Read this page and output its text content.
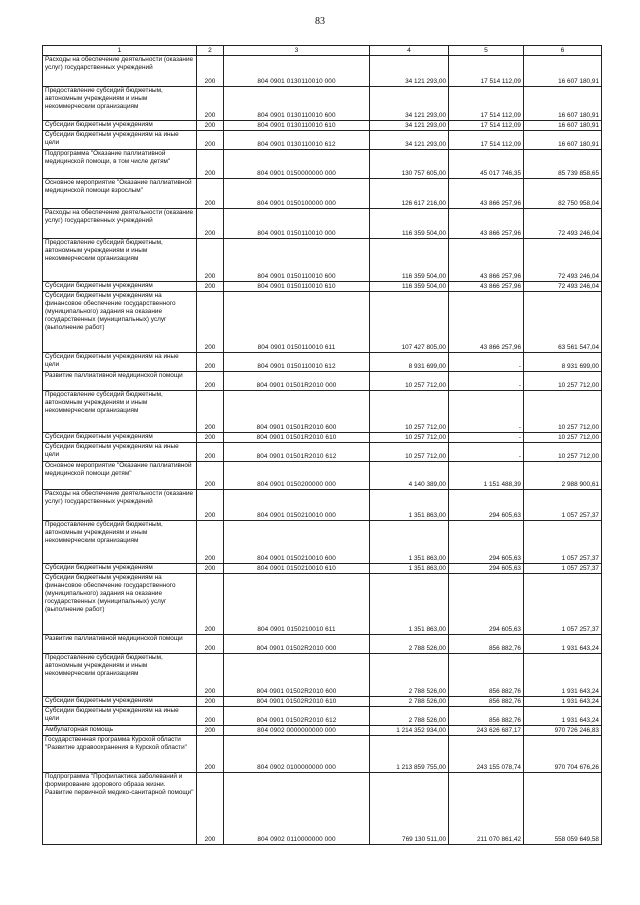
83
1	2	3	4	5	6
Расходы на обеспечение деятельности (оказание услуг) государственных учреждений	200	804 0901 0130110010 000	34 121 293,00	17 514 112,09	16 607 180,91
Предоставление субсидий бюджетным, автономным учреждениям и иным некоммерческим организациям	200	804 0901 0130110010 600	34 121 293,00	17 514 112,09	16 607 180,91
Субсидии бюджетным учреждениям	200	804 0901 0130110010 610	34 121 293,00	17 514 112,09	16 607 180,91
Субсидии бюджетным учреждениям на иные цели	200	804 0901 0130110010 612	34 121 293,00	17 514 112,09	16 607 180,91
Подпрограмма "Оказание паллиативной медицинской помощи, в том числе детям"	200	804 0901 0150000000 000	130 757 605,00	45 017 746,35	85 739 858,65
Основное мероприятие "Оказание паллиативной медицинской помощи взрослым"	200	804 0901 0150100000 000	126 617 216,00	43 866 257,96	82 750 958,04
Расходы на обеспечение деятельности (оказание услуг) государственных учреждений	200	804 0901 0150110010 000	116 359 504,00	43 866 257,96	72 493 246,04
Предоставление субсидий бюджетным, автономным учреждениям и иным некоммерческим организациям	200	804 0901 0150110010 600	116 359 504,00	43 866 257,96	72 493 246,04
Субсидии бюджетным учреждениям	200	804 0901 0150110010 610	116 359 504,00	43 866 257,96	72 493 246,04
Субсидии бюджетным учреждениям на финансовое обеспечение государственного (муниципального) задания на оказание государственных (муниципальных) услуг (выполнение работ)	200	804 0901 0150110010 611	107 427 805,00	43 866 257,96	63 561 547,04
Субсидии бюджетным учреждениям на иные цели	200	804 0901 0150110010 612	8 931 699,00	-	8 931 699,00
Развитие паллиативной медицинской помощи	200	804 0901 01501R2010 000	10 257 712,00	-	10 257 712,00
Предоставление субсидий бюджетным, автономным учреждениям и иным некоммерческим организациям	200	804 0901 01501R2010 600	10 257 712,00	-	10 257 712,00
Субсидии бюджетным учреждениям	200	804 0901 01501R2010 610	10 257 712,00	-	10 257 712,00
Субсидии бюджетным учреждениям на иные цели	200	804 0901 01501R2010 612	10 257 712,00	-	10 257 712,00
Основное мероприятие "Оказание паллиативной медицинской помощи детям"	200	804 0901 0150200000 000	4 140 389,00	1 151 488,39	2 988 900,61
Расходы на обеспечение деятельности (оказание услуг) государственных учреждений	200	804 0901 0150210010 000	1 351 863,00	294 605,63	1 057 257,37
Предоставление субсидий бюджетным, автономным учреждениям и иным некоммерческим организациям	200	804 0901 0150210010 600	1 351 863,00	294 605,63	1 057 257,37
Субсидии бюджетным учреждениям	200	804 0901 0150210010 610	1 351 863,00	294 605,63	1 057 257,37
Субсидии бюджетным учреждениям на финансовое обеспечение государственного (муниципального) задания на оказание государственных (муниципальных) услуг (выполнение работ)	200	804 0901 0150210010 611	1 351 863,00	294 605,63	1 057 257,37
Развитие паллиативной медицинской помощи	200	804 0901 01502R2010 000	2 788 526,00	856 882,76	1 931 643,24
Предоставление субсидий бюджетным, автономным учреждениям и иным некоммерческим организациям	200	804 0901 01502R2010 600	2 788 526,00	856 882,76	1 931 643,24
Субсидии бюджетным учреждениям	200	804 0901 01502R2010 610	2 788 526,00	856 882,76	1 931 643,24
Субсидии бюджетным учреждениям на иные цели	200	804 0901 01502R2010 612	2 788 526,00	856 882,76	1 931 643,24
Амбулаторная помощь	200	804 0902 0000000000 000	1 214 352 934,00	243 626 687,17	970 726 246,83
Государственная программа Курской области "Развитие здравоохранения в Курской области"	200	804 0902 0100000000 000	1 213 859 755,00	243 155 078,74	970 704 676,26
Подпрограмма "Профилактика заболеваний и формирование здорового образа жизни. Развитие первичной медико-санитарной помощи"	200	804 0902 0110000000 000	769 130 511,00	211 070 861,42	558 059 649,58
